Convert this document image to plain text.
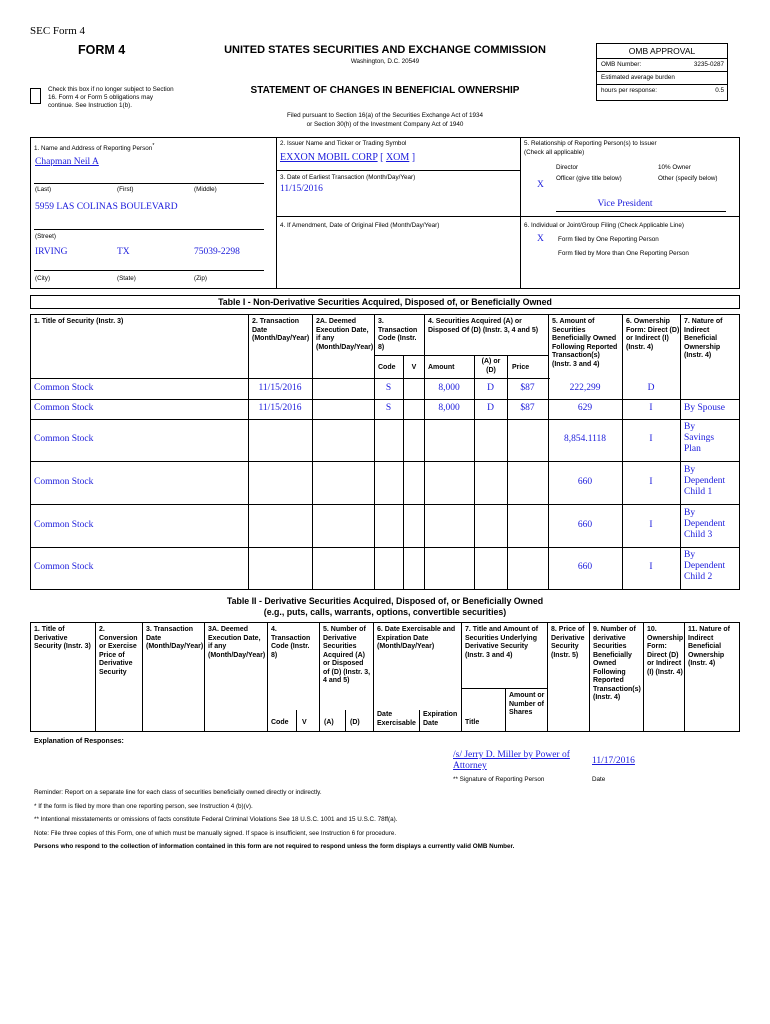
SEC Form 4
FORM 4	UNITED STATES SECURITIES AND EXCHANGE COMMISSION
Washington, D.C. 20549
Check this box if no longer subject to Section 16. Form 4 or Form 5 obligations may continue. See Instruction 1(b).
STATEMENT OF CHANGES IN BENEFICIAL OWNERSHIP
Filed pursuant to Section 16(a) of the Securities Exchange Act of 1934
or Section 30(h) of the Investment Company Act of 1940
OMB APPROVAL
OMB Number:	3235-0287
Estimated average burden
hours per response:	0.5
1. Name and Address of Reporting Person*
Chapman Neil A
(Last)	(First)	(Middle)
5959 LAS COLINAS BOULEVARD
(Street)
IRVING	TX	75039-2298
(City)	(State)	(Zip)
2. Issuer Name and Ticker or Trading Symbol
EXXON MOBIL CORP [ XOM ]
3. Date of Earliest Transaction (Month/Day/Year)
11/15/2016
4. If Amendment, Date of Original Filed (Month/Day/Year)
5. Relationship of Reporting Person(s) to Issuer
(Check all applicable)
Director	10% Owner
X
Officer (give title below)	Other (specify below)
Vice President
6. Individual or Joint/Group Filing (Check Applicable Line)
X Form filed by One Reporting Person
Form filed by More than One Reporting Person
Table I - Non-Derivative Securities Acquired, Disposed of, or Beneficially Owned
1. Title of Security (Instr. 3)	2. Transaction Date (Month/Day/Year)
2A. Deemed Execution Date, if any (Month/Day/Year)
3. Transaction Code (Instr. 8)
4. Securities Acquired (A) or Disposed Of (D) (Instr. 3, 4 and 5)
5. Amount of Securities Beneficially Owned Following Reported Transaction(s) (Instr. 3 and 4)
6. Ownership Form: Direct (D) or Indirect (I) (Instr. 4)
7. Nature of Indirect Beneficial Ownership (Instr. 4)
Code	V	Amount
(A) or (D)	Price
Common Stock	11/15/2016	S	8,000	D	$87	222,299	D
Common Stock	11/15/2016	S	8,000	D	$87	629	I	By Spouse
Common Stock	8,854.1118	I
By Savings Plan
Common Stock	660	I
By Dependent Child 1
Common Stock	660	I
By Dependent Child 3
Common Stock	660	I
By Dependent Child 2
Table II - Derivative Securities Acquired, Disposed of, or Beneficially Owned
(e.g., puts, calls, warrants, options, convertible securities)
1. Title of Derivative Security (Instr. 3)
2. Conversion or Exercise Price of Derivative Security
3. Transaction Date (Month/Day/Year)
3A. Deemed Execution Date, if any (Month/Day/Year)
4. Transaction Code (Instr. 8)
5. Number of Derivative Securities Acquired (A) or Disposed of (D) (Instr. 3, 4 and 5)
6. Date Exercisable and Expiration Date (Month/Day/Year)
7. Title and Amount of Securities Underlying Derivative Security (Instr. 3 and 4)
8. Price of Derivative Security (Instr. 5)
9. Number of derivative Securities Beneficially Owned Following Reported Transaction(s) (Instr. 4)
10. Ownership Form: Direct (D) or Indirect (I) (Instr. 4)
11. Nature of Indirect Beneficial Ownership (Instr. 4)
Code V (A) (D)
Date Exercisable
Expiration Date	Title
Amount or Number of Shares
Explanation of Responses:
/s/ Jerry D. Miller by Power of Attorney	11/17/2016
** Signature of Reporting Person	Date
Reminder: Report on a separate line for each class of securities beneficially owned directly or indirectly.
* If the form is filed by more than one reporting person, see Instruction 4 (b)(v).
** Intentional misstatements or omissions of facts constitute Federal Criminal Violations See 18 U.S.C. 1001 and 15 U.S.C. 78ff(a).
Note: File three copies of this Form, one of which must be manually signed. If space is insufficient, see Instruction 6 for procedure.
Persons who respond to the collection of information contained in this form are not required to respond unless the form displays a currently valid OMB Number.
